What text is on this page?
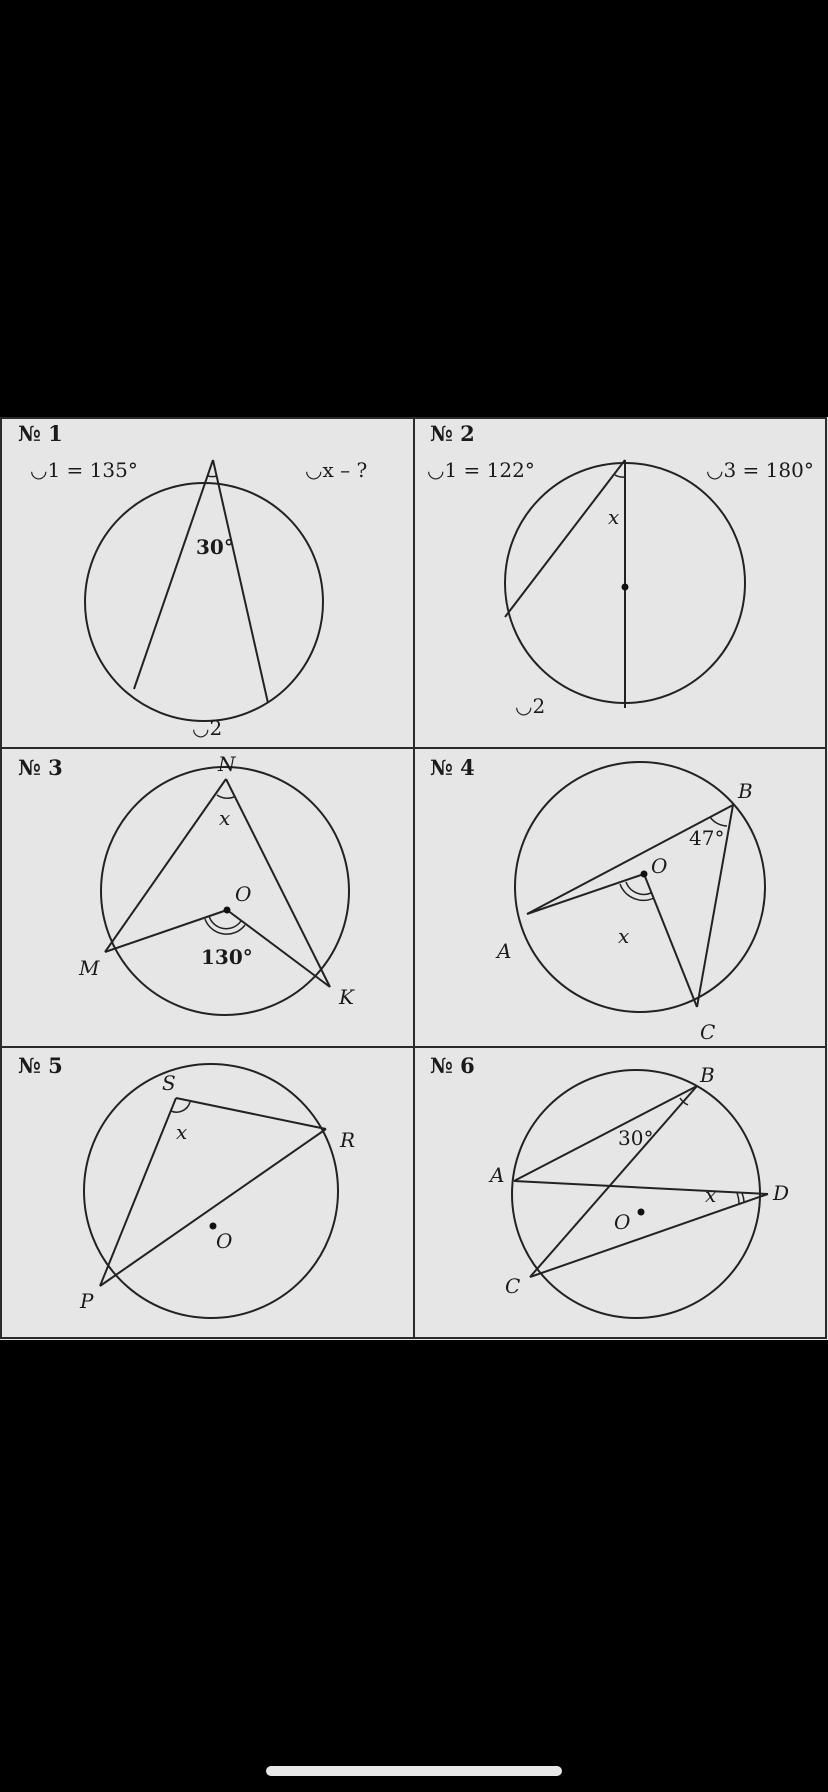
№ 1
◡1 = 135°	◡x – ?
30°
◡2
№ 2
◡1 = 122°	◡3 = 180°
x
◡2
№ 3	N
x
O
130°
M
K
№ 4
B
47°
O
x
A
C
№ 5
S
x	R
O
P
№ 6	B
30°
A
x	D
O
C
